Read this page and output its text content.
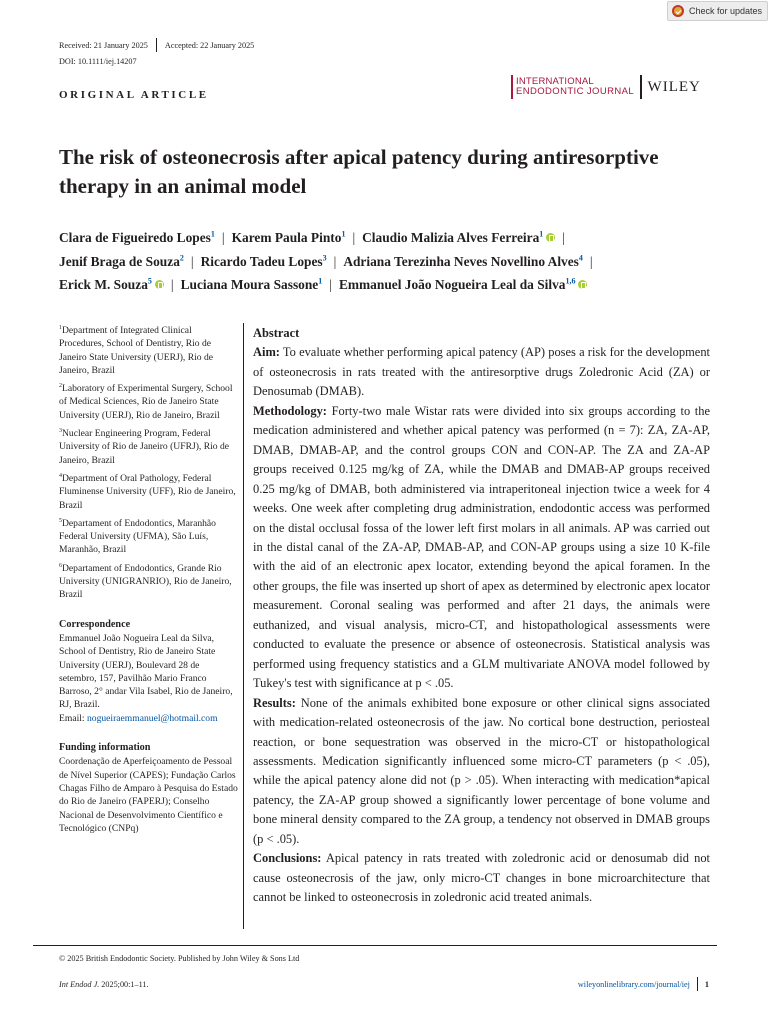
Check for updates
Received: 21 January 2025 Accepted: 22 January 2025
DOI: 10.1111/iej.14207
ORIGINAL ARTICLE
INTERNATIONAL
ENDODONTIC JOURNAL WILEY
The risk of osteonecrosis after apical patency during antiresorptive therapy in an animal model
Clara de Figueiredo Lopes$^1$ | Karem Paula Pinto$^1$ | Claudio Malizia Alves Ferreira$^1$ |
Jenif Braga de Souza$^2$ | Ricardo Tadeu Lopes$^3$ | Adriana Terezinha Neves Novellino Alves$^4$ |
Erick M. Souza$^5$ | Luciana Moura Sassone$^1$ | Emmanuel João Nogueira Leal da Silva$^{1,6}$
$^1$Department of Integrated Clinical Procedures, School of Dentistry, Rio de Janeiro State University (UERJ), Rio de Janeiro, Brazil
$^2$Laboratory of Experimental Surgery, School of Medical Sciences, Rio de Janeiro State University (UERJ), Rio de Janeiro, Brazil
$^3$Nuclear Engineering Program, Federal University of Rio de Janeiro (UFRJ), Rio de Janeiro, Brazil
$^4$Department of Oral Pathology, Federal Fluminense University (UFF), Rio de Janeiro, Brazil
$^5$Departament of Endodontics, Maranhão Federal University (UFMA), São Luís, Maranhão, Brazil
$^6$Departament of Endodontics, Grande Rio University (UNIGRANRIO), Rio de Janeiro, Brazil
Correspondence
Emmanuel João Nogueira Leal da Silva, School of Dentistry, Rio de Janeiro State University (UERJ), Boulevard 28 de setembro, 157, Pavilhão Mario Franco Barroso, 2° andar Vila Isabel, Rio de Janeiro, RJ, Brazil.
Email: nogueiraemmanuel@hotmail.com
Funding information
Coordenação de Aperfeiçoamento de Pessoal de Nível Superior (CAPES); Fundação Carlos Chagas Filho de Amparo à Pesquisa do Estado do Rio de Janeiro (FAPERJ); Conselho Nacional de Desenvolvimento Científico e Tecnológico (CNPq)
Abstract

Aim: To evaluate whether performing apical patency (AP) poses a risk for the development of osteonecrosis in rats treated with the antiresorptive drugs Zoledronic Acid (ZA) or Denosumab (DMAB).

Methodology: Forty-two male Wistar rats were divided into six groups according to the medication administered and whether apical patency was performed (n = 7): ZA, ZA-AP, DMAB, DMAB-AP, and the control groups CON and CON-AP. The ZA and ZA-AP groups received 0.125 mg/kg of ZA, while the DMAB and DMAB-AP groups received 0.25 mg/kg of DMAB, both administered via intraperitoneal injection twice a week for 4 weeks. One week after completing drug administration, endodontic access was performed on the distal occlusal fossa of the lower left first molars in all animals. AP was carried out in the distal canal of the ZA-AP, DMAB-AP, and CON-AP groups using a size 10 K-file with the aid of an electronic apex locator, extending beyond the apical foramen. In the other groups, the file was inserted up short of apex as determined by electronic apex locator measurement. Coronal sealing was performed and after 21 days, the animals were euthanized, and visual analysis, micro-CT, and histopathological assessments were conducted to evaluate the presence or absence of osteonecrosis. Statistical analysis was performed using frequency statistics and a GLM multivariate ANOVA model followed by Tukey's test with significance at p < .05.

Results: None of the animals exhibited bone exposure or other clinical signs associated with medication-related osteonecrosis of the jaw. No cortical bone destruction, periosteal reaction, or bone sequestration was observed in the micro-CT or histopathological assessments. Medication significantly influenced some micro-CT parameters (p < .05), while the apical patency alone did not (p > .05). When interacting with medication*apical patency, the ZA-AP group showed a significantly lower percentage of bone volume and bone mineral density compared to the ZA group, a tendency not observed in DMAB groups (p < .05).

Conclusions: Apical patency in rats treated with zoledronic acid or denosumab did not cause osteonecrosis of the jaw, only micro-CT changes in bone microarchitecture that cannot be linked to osteonecrosis in zoledronic acid treated animals.

© 2025 British Endodontic Society. Published by John Wiley & Sons Ltd
Int Endod J. 2025;00:1–11.	wileyonlinelibrary.com/journal/iej 1
